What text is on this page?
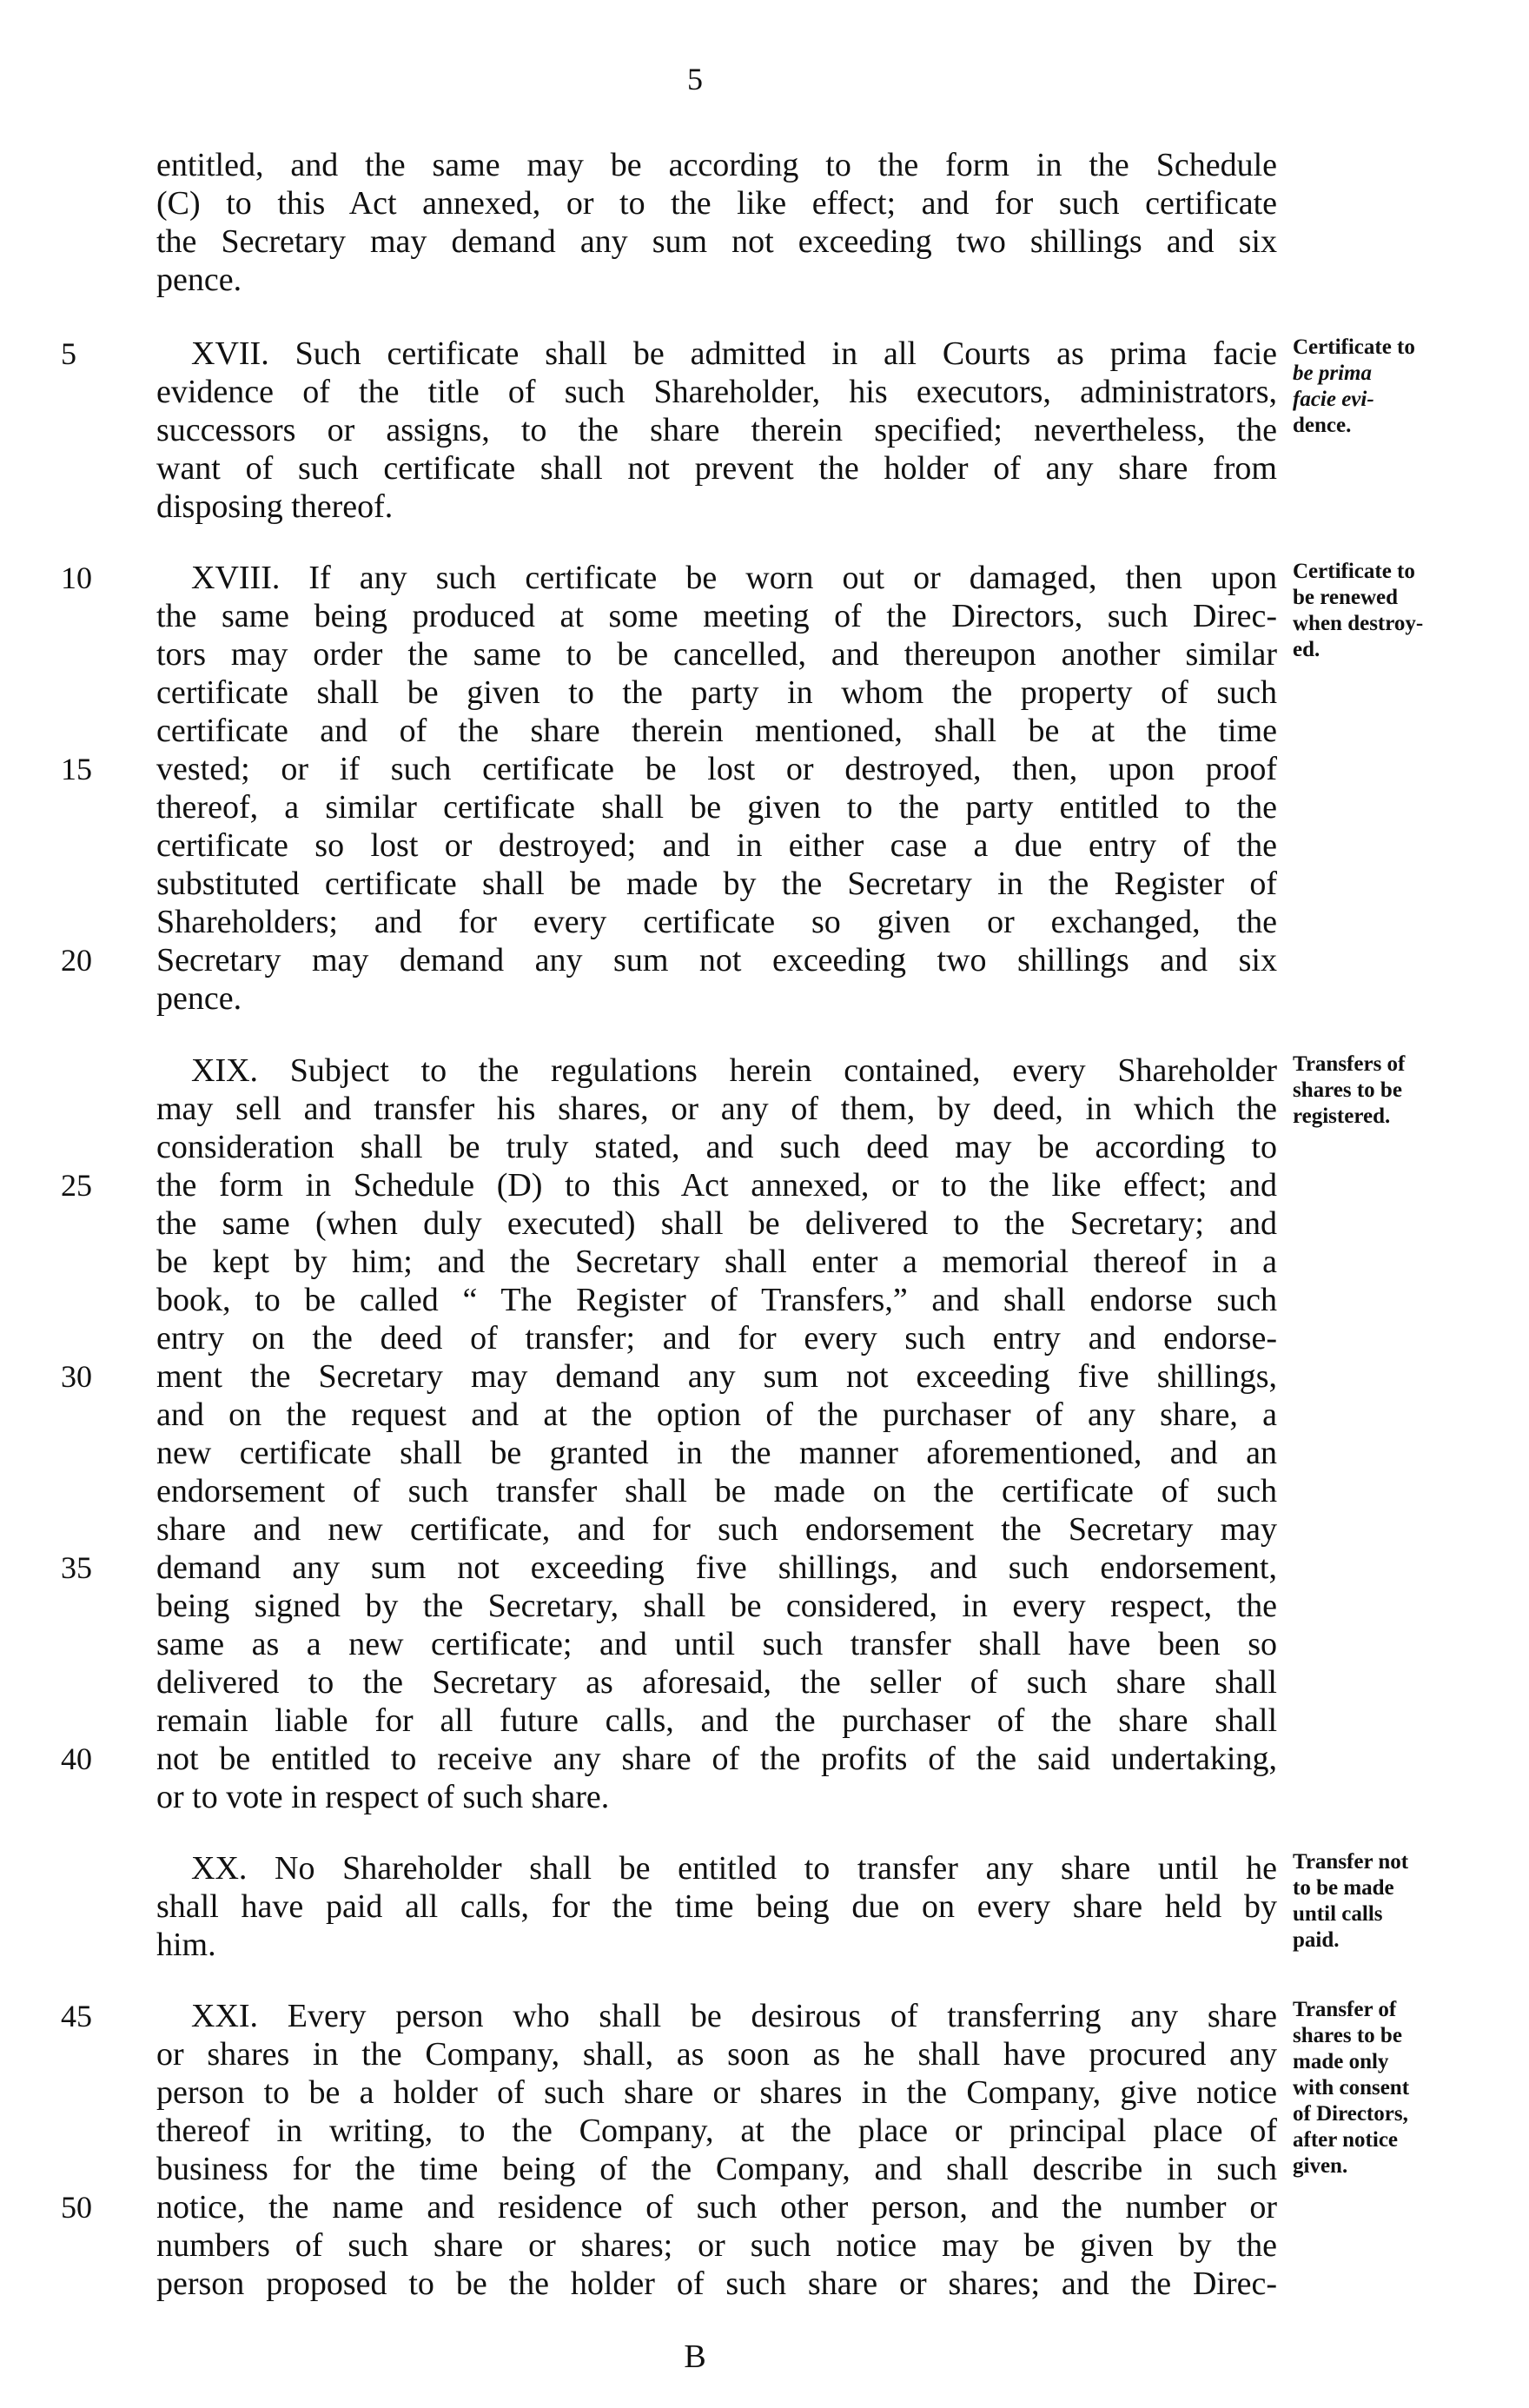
5
entitled, and the same may be according to the form in the Schedule
(C) to this Act annexed, or to the like effect; and for such certificate
the Secretary may demand any sum not exceeding two shillings and six
pence.
5	XVII. Such certificate shall be admitted in all Courts as prima facie
evidence of the title of such Shareholder, his executors, administrators,
successors or assigns, to the share therein specified; nevertheless, the
want of such certificate shall not prevent the holder of any share from
disposing thereof.
10	XVIII. If any such certificate be worn out or damaged, then upon
the same being produced at some meeting of the Directors, such Direc-
tors may order the same to be cancelled, and thereupon another similar
certificate shall be given to the party in whom the property of such
certificate and of the share therein mentioned, shall be at the time
15	vested; or if such certificate be lost or destroyed, then, upon proof
thereof, a similar certificate shall be given to the party entitled to the
certificate so lost or destroyed; and in either case a due entry of the
substituted certificate shall be made by the Secretary in the Register of
Shareholders; and for every certificate so given or exchanged, the
20	Secretary may demand any sum not exceeding two shillings and six
pence.
XIX. Subject to the regulations herein contained, every Shareholder
may sell and transfer his shares, or any of them, by deed, in which the
consideration shall be truly stated, and such deed may be according to
25	the form in Schedule (D) to this Act annexed, or to the like effect; and
the same (when duly executed) shall be delivered to the Secretary; and
be kept by him; and the Secretary shall enter a memorial thereof in a
book, to be called “ The Register of Transfers,” and shall endorse such
entry on the deed of transfer; and for every such entry and endorse-
30	ment the Secretary may demand any sum not exceeding five shillings,
and on the request and at the option of the purchaser of any share, a
new certificate shall be granted in the manner aforementioned, and an
endorsement of such transfer shall be made on the certificate of such
share and new certificate, and for such endorsement the Secretary may
35	demand any sum not exceeding five shillings, and such endorsement,
being signed by the Secretary, shall be considered, in every respect, the
same as a new certificate; and until such transfer shall have been so
delivered to the Secretary as aforesaid, the seller of such share shall
remain liable for all future calls, and the purchaser of the share shall
40	not be entitled to receive any share of the profits of the said undertaking,
or to vote in respect of such share.
XX. No Shareholder shall be entitled to transfer any share until he
shall have paid all calls, for the time being due on every share held by
him.
45	XXI. Every person who shall be desirous of transferring any share
or shares in the Company, shall, as soon as he shall have procured any
person to be a holder of such share or shares in the Company, give notice
thereof in writing, to the Company, at the place or principal place of
business for the time being of the Company, and shall describe in such
50	notice, the name and residence of such other person, and the number or
numbers of such share or shares; or such notice may be given by the
person proposed to be the holder of such share or shares; and the Direc-
Certificate to
be prima
facie evi-
dence.
Certificate to
be renewed
when destroy-
ed.
Transfers of
shares to be
registered.
Transfer not
to be made
until calls
paid.
Transfer of
shares to be
made only
with consent
of Directors,
after notice
given.
B
